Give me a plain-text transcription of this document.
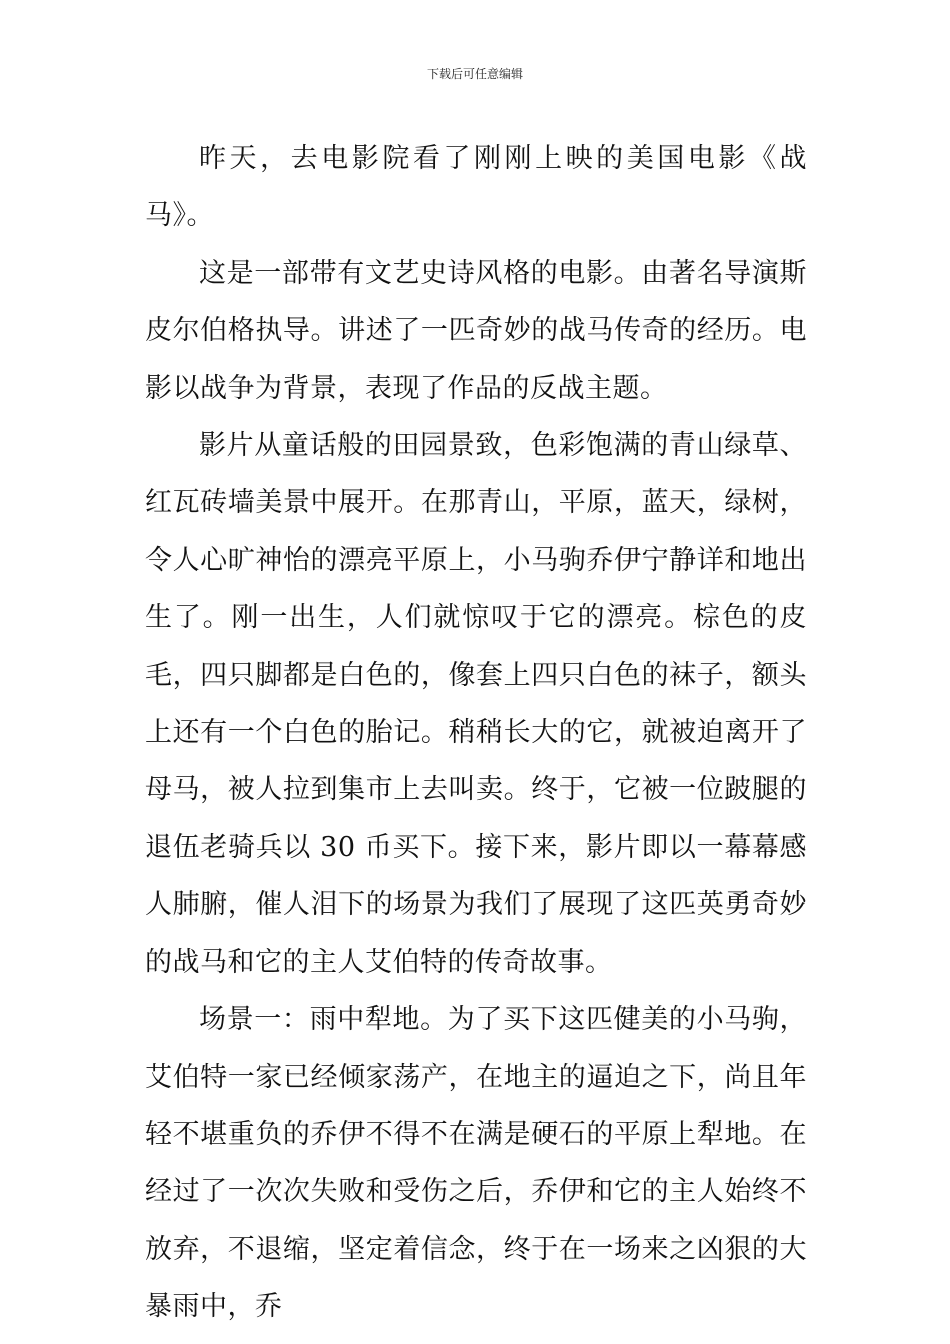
下载后可任意编辑

昨天，去电影院看了刚刚上映的美国电影《战马》。

这是一部带有文艺史诗风格的电影。由著名导演斯皮尔伯格执导。讲述了一匹奇妙的战马传奇的经历。电影以战争为背景，表现了作品的反战主题。

影片从童话般的田园景致，色彩饱满的青山绿草、红瓦砖墙美景中展开。在那青山，平原，蓝天，绿树，令人心旷神怡的漂亮平原上，小马驹乔伊宁静详和地出生了。刚一出生，人们就惊叹于它的漂亮。棕色的皮毛，四只脚都是白色的，像套上四只白色的袜子，额头上还有一个白色的胎记。稍稍长大的它，就被迫离开了母马，被人拉到集市上去叫卖。终于，它被一位跛腿的退伍老骑兵以 30 币买下。接下来，影片即以一幕幕感人肺腑，催人泪下的场景为我们了展现了这匹英勇奇妙的战马和它的主人艾伯特的传奇故事。

场景一：雨中犁地。为了买下这匹健美的小马驹，艾伯特一家已经倾家荡产，在地主的逼迫之下，尚且年轻不堪重负的乔伊不得不在满是硬石的平原上犁地。在经过了一次次失败和受伤之后，乔伊和它的主人始终不放弃，不退缩，坚定着信念，终于在一场来之凶狠的大暴雨中，乔
